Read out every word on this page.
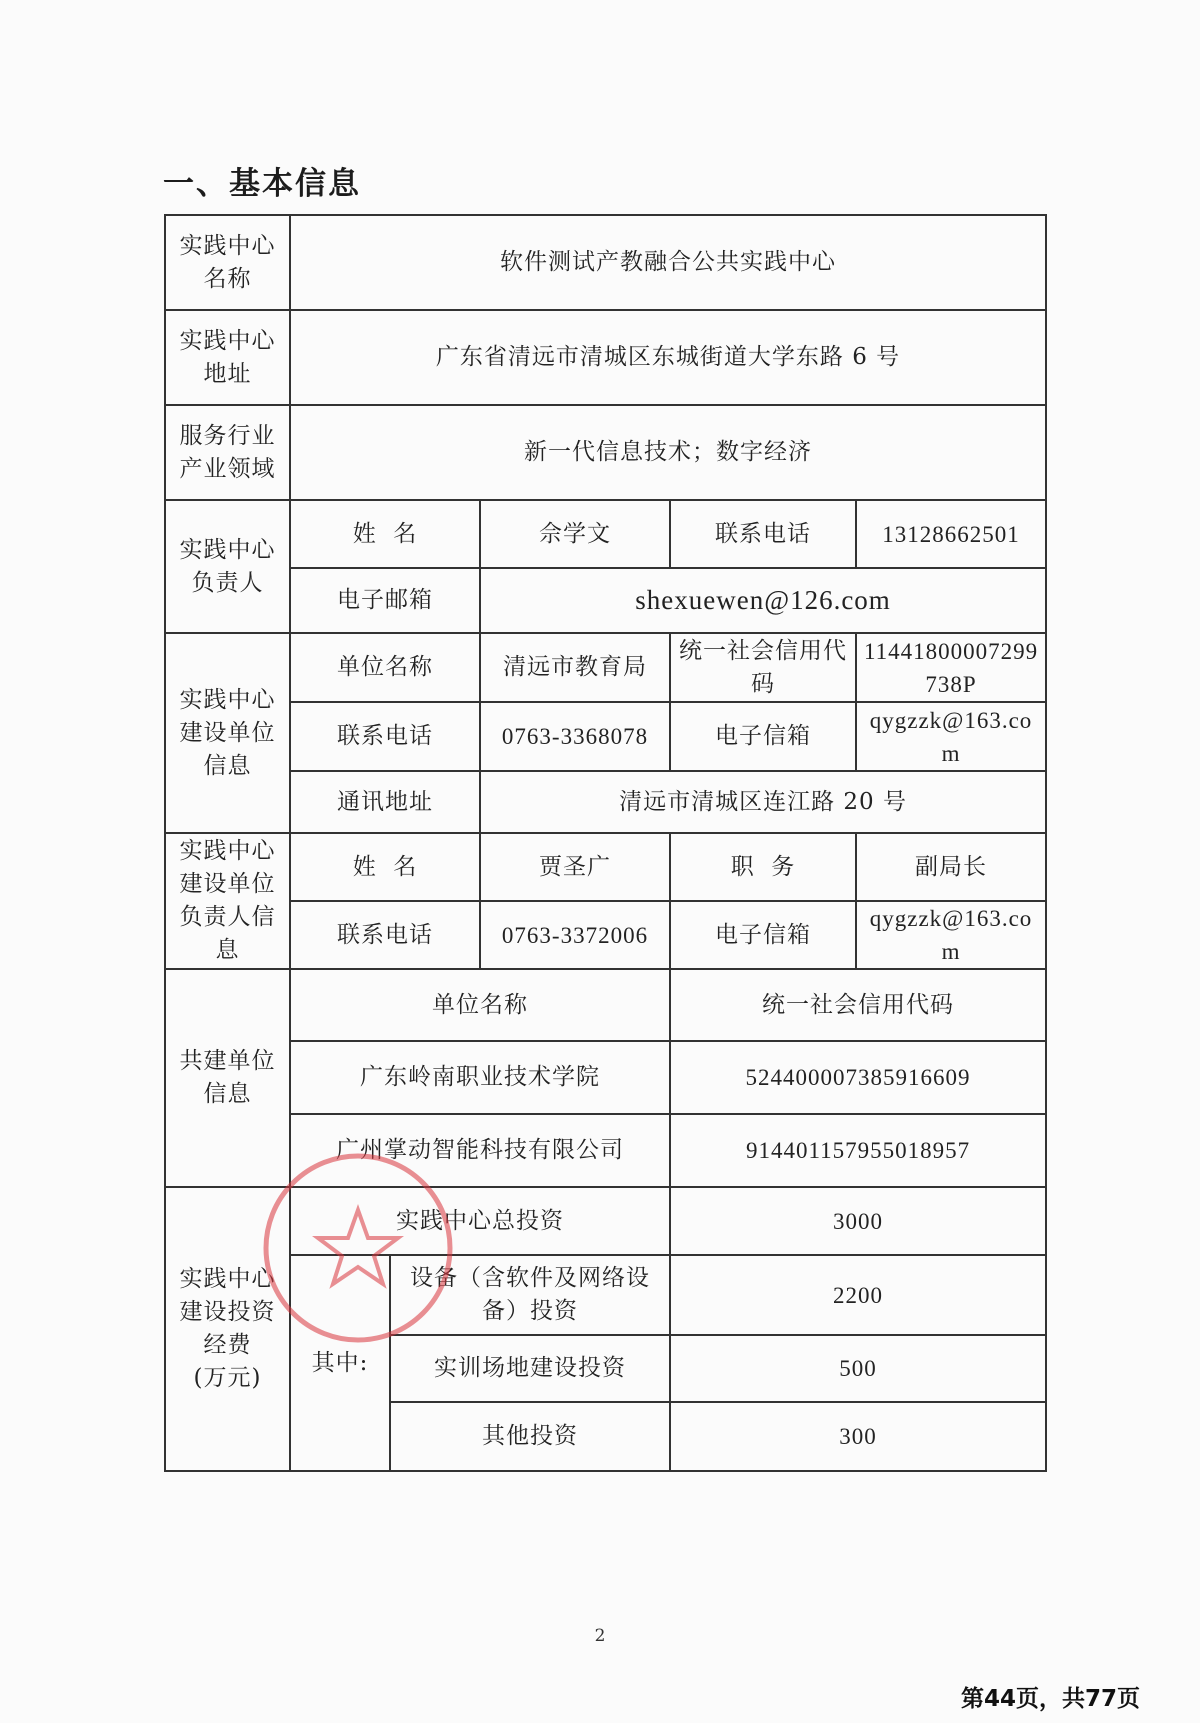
一、基本信息
实践中心名称	软件测试产教融合公共实践中心				
实践中心地址	广东省清远市清城区东城街道大学东路 6 号				
服务行业产业领域	新一代信息技术；数字经济				
实践中心负责人	姓  名		佘学文	联系电话	13128662501
	电子邮箱		shexuewen@126.com		
实践中心建设单位信息	单位名称		清远市教育局	统一社会信用代码	11441800007299738P
	联系电话		0763-3368078	电子信箱	qygzzk@163.com
	通讯地址		清远市清城区连江路 20 号		
实践中心建设单位负责人信息	姓  名		贾圣广	职  务	副局长
	联系电话		0763-3372006	电子信箱	qygzzk@163.com
共建单位信息	单位名称			统一社会信用代码	
	广东岭南职业技术学院			524400007385916609	
	广州掌动智能科技有限公司			914401157955018957	
实践中心建设投资经费
(万元)	实践中心总投资			3000	
	其中:	设备（含软件及网络设备）投资		2200	
		实训场地建设投资		500	
		其他投资		300	
2
第44页，共77页
